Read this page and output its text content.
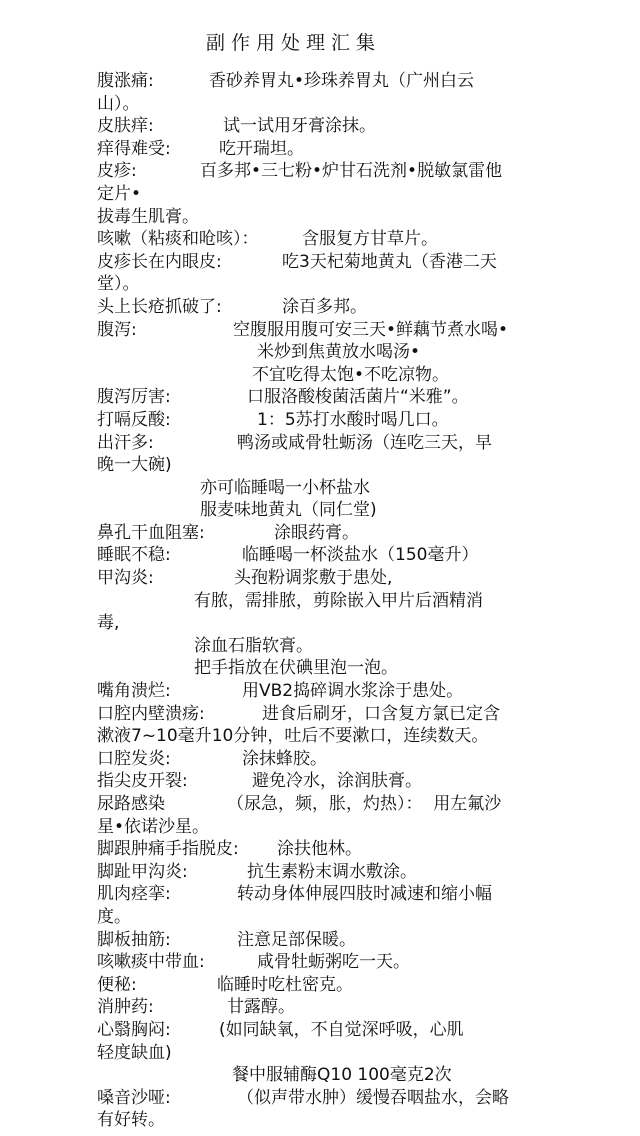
副作用处理汇集
腹涨痛:	香砂养胃丸•珍珠养胃丸（广州白云
山）。
皮肤痒:	试一试用牙膏涂抹。
痒得难受:	吃开瑞坦。
皮疹:	百多邦•三七粉•炉甘石洗剂•脱敏氯雷他
定片•
拔毒生肌膏。
咳嗽（粘痰和呛咳）：	含服复方甘草片。
皮疹长在内眼皮:	吃3天杞菊地黄丸（香港二天
堂）。
头上长疮抓破了:	涂百多邦。
腹泻:	空腹服用腹可安三天•鲜藕节煮水喝•
米炒到焦黄放水喝汤•
不宜吃得太饱•不吃凉物。
腹泻厉害:	口服洛酸梭菌活菌片“米雅”。
打嗝反酸:	1：5苏打水酸时喝几口。
出汗多:	鸭汤或咸骨牡蛎汤（连吃三天，早
晚一大碗)
亦可临睡喝一小杯盐水
服麦味地黄丸（同仁堂)
鼻孔干血阻塞:	涂眼药膏。
睡眠不稳:	临睡喝一杯淡盐水（150毫升）
甲沟炎:	头孢粉调浆敷于患处,
有脓，需排脓，剪除嵌入甲片后酒精消
毒,
涂血石脂软膏。
把手指放在伏碘里泡一泡。
嘴角溃烂:	用VB2捣碎调水浆涂于患处。
口腔内壁溃疡:	进食后刷牙，口含复方氯已定含
漱液7~10毫升10分钟，吐后不要漱口，连续数天。
口腔发炎:	涂抹蜂胶。
指尖皮开裂:	避免冷水，涂润肤膏。
尿路感染	（尿急，频，胀，灼热）：  用左氟沙
星•依诺沙星。
脚跟肿痛手指脱皮: 涂扶他林。
脚趾甲沟炎:	抗生素粉末调水敷涂。
肌肉痉挛:	转动身体伸展四肢时减速和缩小幅
度。
脚板抽筋:	注意足部保暖。
咳嗽痰中带血:	咸骨牡蛎粥吃一天。
便秘:	临睡时吃杜密克。
消肿药:	甘露醇。
心翳胸闷:	(如同缺氧，不自觉深呼吸，心肌
轻度缺血)
餐中服辅酶Q10 100毫克2次
嗓音沙哑:	（似声带水肿）缓慢吞咽盐水，会略
有好转。
